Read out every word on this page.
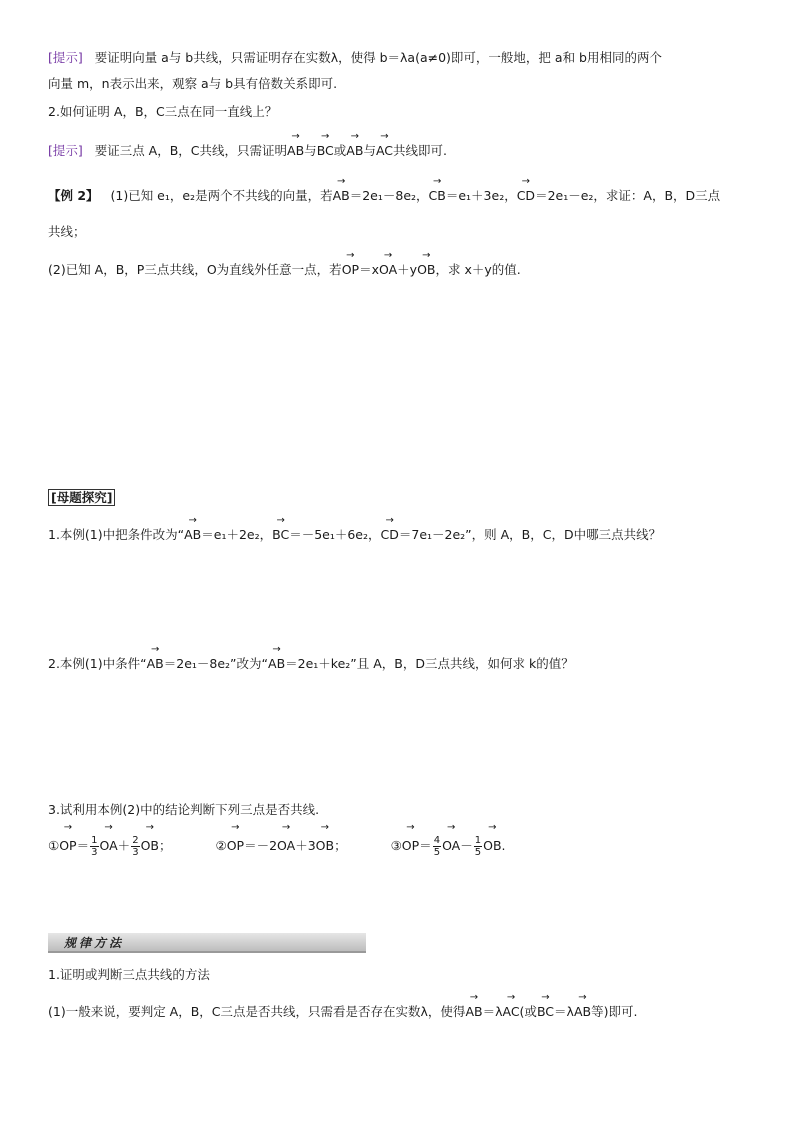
[提示] 要证明向量 a与 b共线，只需证明存在实数λ，使得 b＝λa(a≠0)即可，一般地，把 a和 b用相同的两个
向量 m，n表示出来，观察 a与 b具有倍数关系即可.
2.如何证明 A，B，C三点在同一直线上？
[提示] 要证三点 A，B，C共线，只需证明→ AB与→ BC或→ AB与→ AC共线即可.
【例 2】 (1)已知 e₁，e₂是两个不共线的向量，若→ AB＝2e₁－8e₂，→ CB＝e₁＋3e₂，→ CD＝2e₁－e₂，求证：A，B，D三点
共线；
(2)已知 A，B，P三点共线，O为直线外任意一点，若→ OP＝x→ OA＋y→ OB，求 x＋y的值.
[母题探究]
1.本例(1)中把条件改为“→ AB＝e₁＋2e₂，→ BC＝－5e₁＋6e₂，→ CD＝7e₁－2e₂”，则 A，B，C，D中哪三点共线？
2.本例(1)中条件“→ AB＝2e₁－8e₂”改为“→ AB＝2e₁＋ke₂”且 A，B，D三点共线，如何求 k的值？
3.试利用本例(2)中的结论判断下列三点是否共线.
①→ $OP= \frac{1}{3}$
→ $OA+ \frac{2}{3}$
→ OB；	②→ OP＝－2→ OA＋3→ OB；	③→ $OP= \frac{4}{5}$
→ $OA- \frac{1}{5}$
→ OB.
规律方法
1.证明或判断三点共线的方法
(1)一般来说，要判定 A，B，C三点是否共线，只需看是否存在实数λ，使得→ AB＝λ→ AC(或→ BC＝λ→ AB等)即可.
